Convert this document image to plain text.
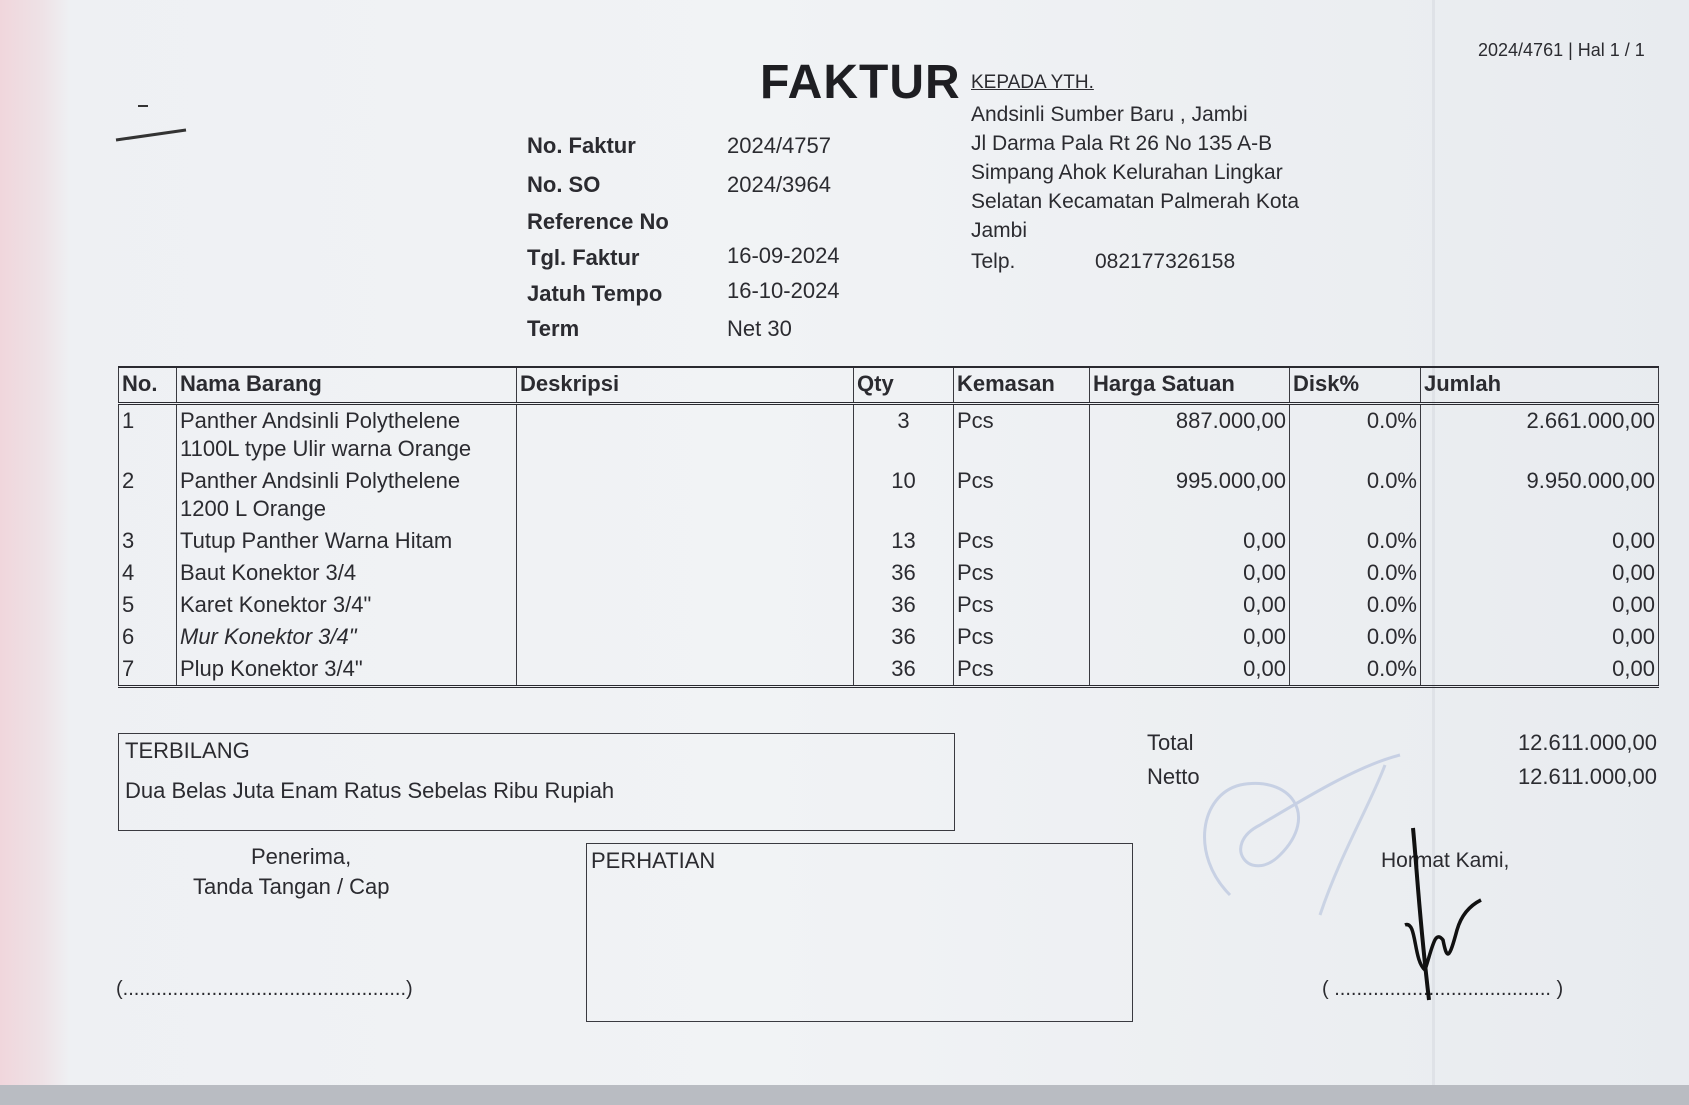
2024/4761 | Hal 1 / 1
FAKTUR KEPADA YTH.
Andsinli Sumber Baru , Jambi
Jl Darma Pala Rt 26 No 135 A-B
Simpang Ahok Kelurahan Lingkar
Selatan Kecamatan Palmerah Kota
Jambi
Telp.	082177326158
No. Faktur	2024/4757
No. SO	2024/3964
Reference No
Tgl. Faktur	16-09-2024
Jatuh Tempo	16-10-2024
Term	Net 30
No.	Nama Barang	Deskripsi	Qty	Kemasan	Harga Satuan	Disk%	Jumlah
1	Panther Andsinli Polythelene 1100L type Ulir warna Orange		3	Pcs	887.000,00	0.0%	2.661.000,00
2	Panther Andsinli Polythelene 1200 L Orange		10	Pcs	995.000,00	0.0%	9.950.000,00
3	Tutup Panther Warna Hitam		13	Pcs	0,00	0.0%	0,00
4	Baut Konektor 3/4		36	Pcs	0,00	0.0%	0,00
5	Karet Konektor 3/4"		36	Pcs	0,00	0.0%	0,00
6	Mur Konektor 3/4"		36	Pcs	0,00	0.0%	0,00
7	Plup Konektor 3/4"		36	Pcs	0,00	0.0%	0,00
TERBILANG
Dua Belas Juta Enam Ratus Sebelas Ribu Rupiah
Total	12.611.000,00
Netto	12.611.000,00
Penerima,
Tanda Tangan / Cap
(...................................................)
PERHATIAN	Hormat Kami,
( ....................................... )
